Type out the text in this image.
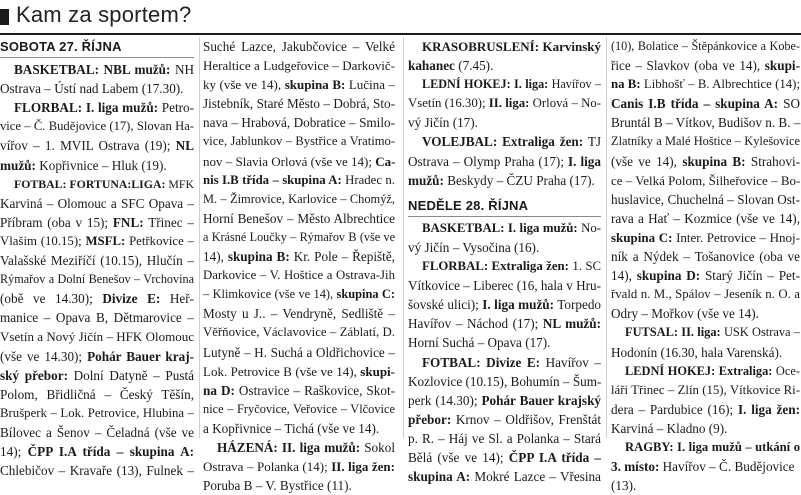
Kam za sportem?
SOBOTA 27. ŘÍJNA
BASKETBAL: NBL mužů: NH
Ostrava – Ústí nad Labem (17.30).
FLORBAL: I. liga mužů: Petro-
vice – Č. Budějovice (17), Slovan Ha-
vířov – 1. MVIL Ostrava (19); NL
mužů: Kopřivnice – Hluk (19).
FOTBAL: FORTUNA:LIGA: MFK
Karviná – Olomouc a SFC Opava –
Příbram (oba v 15); FNL: Třinec –
Vlašim (10.15); MSFL: Petřkovice –
Valašské Meziříčí (10.15), Hlučín –
Rýmařov a Dolní Benešov – Vrchovina
(obě ve 14.30); Divize E: Heř-
manice – Opava B, Dětmarovice –
Vsetín a Nový Jičín – HFK Olomouc
(vše ve 14.30); Pohár Bauer kraj-
ský přebor: Dolní Datyně – Pustá
Polom, Břidličná – Český Těšín,
Brušperk – Lok. Petrovice, Hlubina –
Bílovec a Šenov – Čeladná (vše ve
14); ČPP I.A třída – skupina A:
Chlebičov – Kravaře (13), Fulnek –
Suché Lazce, Jakubčovice – Velké
Heraltice a Ludgeřovice – Darkovič-
ky (vše ve 14), skupina B: Lučina –
Jistebník, Staré Město – Dobrá, Sto-
nava – Hrabová, Dobratice – Smilo-
vice, Jablunkov – Bystřice a Vratimo-
nov – Slavia Orlová (vše ve 14); Ca-
nis I.B třída – skupina A: Hradec n.
M. – Žimrovice, Karlovice – Chomýž,
Horní Benešov – Město Albrechtice
a Krásné Loučky – Rýmařov B (vše ve
14), skupina B: Kr. Pole – Řepiště,
Darkovice – V. Hoštice a Ostrava-Jih
– Klimkovice (vše ve 14), skupina C:
Mosty u J.. – Vendryně, Sedliště –
Věřňovice, Václavovice – Záblatí, D.
Lutyně – H. Suchá a Oldřichovice –
Lok. Petrovice B (vše ve 14), skupi-
na D: Ostravice – Raškovice, Skot-
nice – Fryčovice, Veřovice – Vlčovice
a Kopřivnice – Tichá (vše ve 14).
HÁZENÁ: II. liga mužů: Sokol
Ostrava – Polanka (14); II. liga žen:
Poruba B – V. Bystřice (11).
KRASOBRUSLENÍ: Karvinský
kahanec (7.45).
LEDNÍ HOKEJ: I. liga: Havířov –
Vsetín (16.30); II. liga: Orlová – No-
vý Jičín (17).
VOLEJBAL: Extraliga žen: TJ
Ostrava – Olymp Praha (17); I. liga
mužů: Beskydy – ČZU Praha (17).
NEDĚLE 28. ŘÍJNA
BASKETBAL: I. liga mužů: No-
vý Jičín – Vysočina (16).
FLORBAL: Extraliga žen: 1. SC
Vítkovice – Liberec (16, hala v Hru-
šovské ulici); I. liga mužů: Torpedo
Havířov – Náchod (17); NL mužů:
Horní Suchá – Opava (17).
FOTBAL: Divize E: Havířov –
Kozlovice (10.15), Bohumín – Šum-
perk (14.30); Pohár Bauer krajský
přebor: Krnov – Oldřišov, Frenštát
p. R. – Háj ve Sl. a Polanka – Stará
Bělá (vše ve 14); ČPP I.A třída –
skupina A: Mokré Lazce – Vřesina
(10), Bolatice – Štěpánkovice a Kobe-
řice – Slavkov (oba ve 14), skupi-
na B: Libhošť – B. Albrechtice (14);
Canis I.B třída – skupina A: SO
Bruntál B – Vítkov, Budišov n. B. –
Zlatníky a Malé Hoštice – Kylešovice
(vše ve 14), skupina B: Strahovi-
ce – Velká Polom, Šilheřovice – Bo-
huslavice, Chuchelná – Slovan Ost-
rava a Hať – Kozmice (vše ve 14),
skupina C: Inter. Petrovice – Hnoj-
ník a Nýdek – Tošanovice (oba ve
14), skupina D: Starý Jičín – Pet-
řvald n. M., Spálov – Jeseník n. O. a
Odry – Mořkov (vše ve 14).
FUTSAL: II. liga: USK Ostrava –
Hodonín (16.30, hala Varenská).
LEDNÍ HOKEJ: Extraliga: Oce-
láři Třinec – Zlín (15), Vítkovice Ri-
dera – Pardubice (16); I. liga žen:
Karviná – Kladno (9).
RAGBY: I. liga mužů – utkání o
3. místo: Havířov – Č. Budějovice
(13).
